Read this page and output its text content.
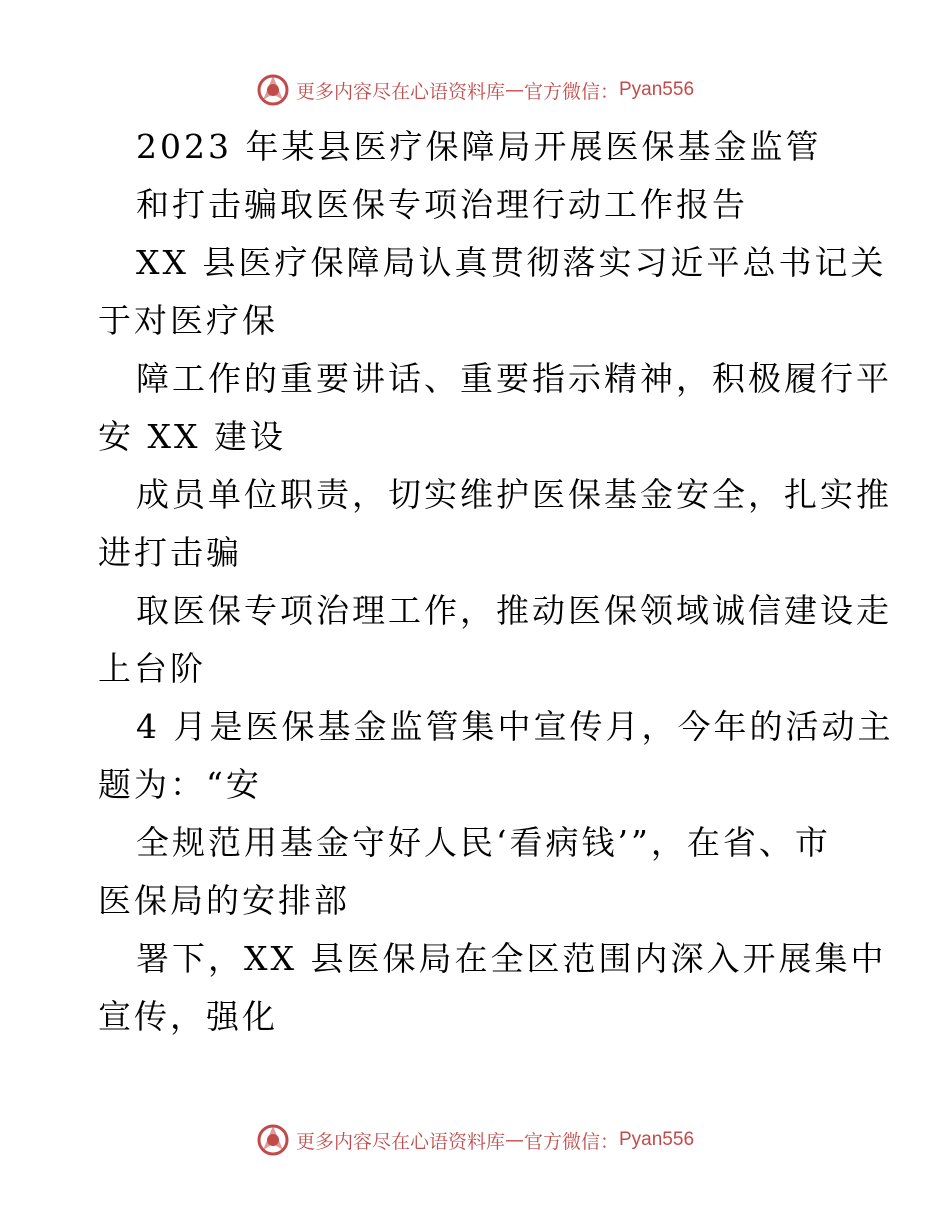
更多内容尽在心语资料库 — 官方微信： Pyan556
2023 年某县医疗保障局开展医保基金监管
和打击骗取医保专项治理行动工作报告
XX 县医疗保障局认真贯彻落实习近平总书记关
于对医疗保
障工作的重要讲话、重要指示精神，积极履行平
安 XX 建设
成员单位职责，切实维护医保基金安全，扎实推
进打击骗
取医保专项治理工作，推动医保领域诚信建设走
上台阶
4 月是医保基金监管集中宣传月，今年的活动主
题为：“安
全规范用基金守好人民‘看病钱’”，在省、市
医保局的安排部
署下，XX 县医保局在全区范围内深入开展集中
宣传，强化
更多内容尽在心语资料库 — 官方微信： Pyan556
